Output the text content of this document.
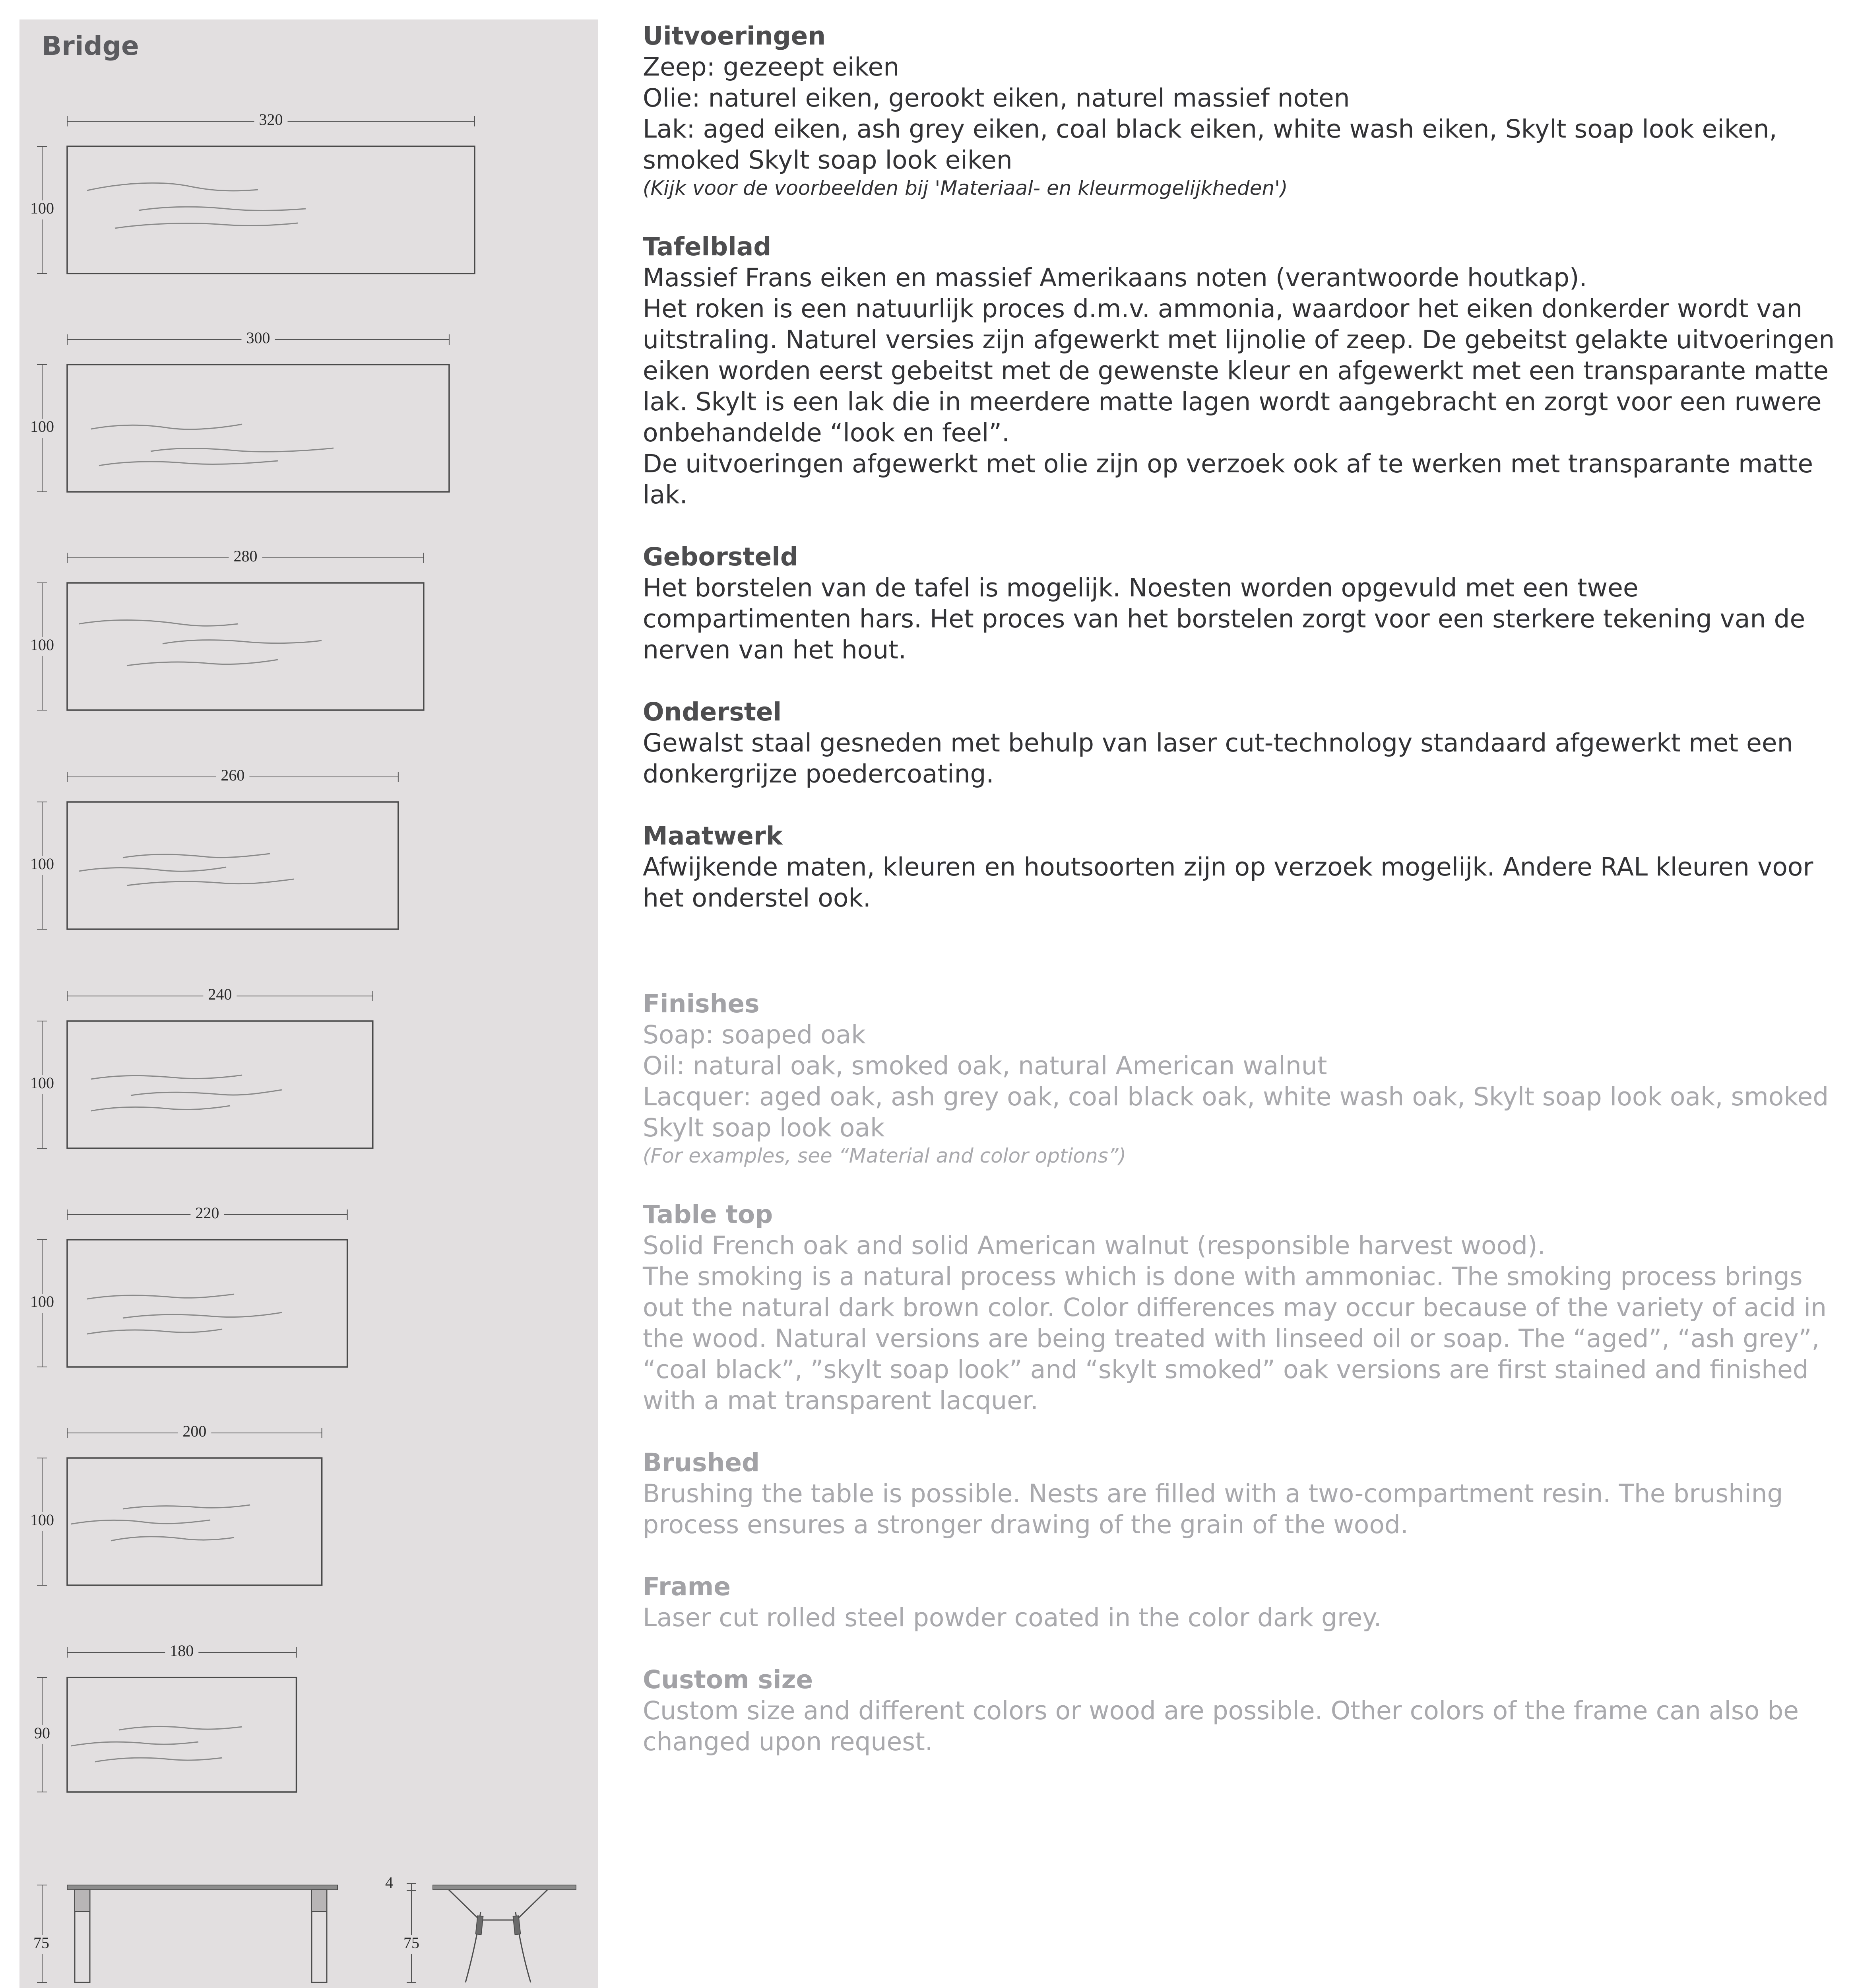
Bridge
320
100
300
100
280
100
260
100
240
100
220
100
200
100
180
90
75
4
75
Uitvoeringen
Zeep: gezeept eiken
Olie: naturel eiken, gerookt eiken, naturel massief noten
Lak: aged eiken, ash grey eiken, coal black eiken, white wash eiken, Skylt soap look eiken, smoked Skylt soap look eiken
(Kijk voor de voorbeelden bij 'Materiaal- en kleurmogelijkheden')
Tafelblad
Massief Frans eiken en massief Amerikaans noten (verantwoorde houtkap).
Het roken is een natuurlijk proces d.m.v. ammonia, waardoor het eiken donkerder wordt van uitstraling. Naturel versies zijn afgewerkt met lijnolie of zeep. De gebeitst gelakte uitvoeringen eiken worden eerst gebeitst met de gewenste kleur en afgewerkt met een transparante matte lak. Skylt is een lak die in meerdere matte lagen wordt aangebracht en zorgt voor een ruwere onbehandelde “look en feel”.
De uitvoeringen afgewerkt met olie zijn op verzoek ook af te werken met transparante matte lak.
Geborsteld
Het borstelen van de tafel is mogelijk. Noesten worden opgevuld met een twee compartimenten hars. Het proces van het borstelen zorgt voor een sterkere tekening van de nerven van het hout.
Onderstel
Gewalst staal gesneden met behulp van laser cut-technology standaard afgewerkt met een donkergrijze poedercoating.
Maatwerk
Afwijkende maten, kleuren en houtsoorten zijn op verzoek mogelijk. Andere RAL kleuren voor het onderstel ook.
Finishes
Soap: soaped oak
Oil: natural oak, smoked oak, natural American walnut
Lacquer: aged oak, ash grey oak, coal black oak, white wash oak, Skylt soap look oak, smoked Skylt soap look oak
(For examples, see “Material and color options”)
Table top
Solid French oak and solid American walnut (responsible harvest wood).
The smoking is a natural process which is done with ammoniac. The smoking process brings out the natural dark brown color. Color differences may occur because of the variety of acid in the wood. Natural versions are being treated with linseed oil or soap. The “aged”, “ash grey”, “coal black”, ”skylt soap look” and “skylt smoked” oak versions are first stained and finished with a mat transparent lacquer.
Brushed
Brushing the table is possible. Nests are filled with a two-compartment resin. The brushing process ensures a stronger drawing of the grain of the wood.
Frame
Laser cut rolled steel powder coated in the color dark grey.
Custom size
Custom size and different colors or wood are possible. Other colors of the frame can also be changed upon request.
